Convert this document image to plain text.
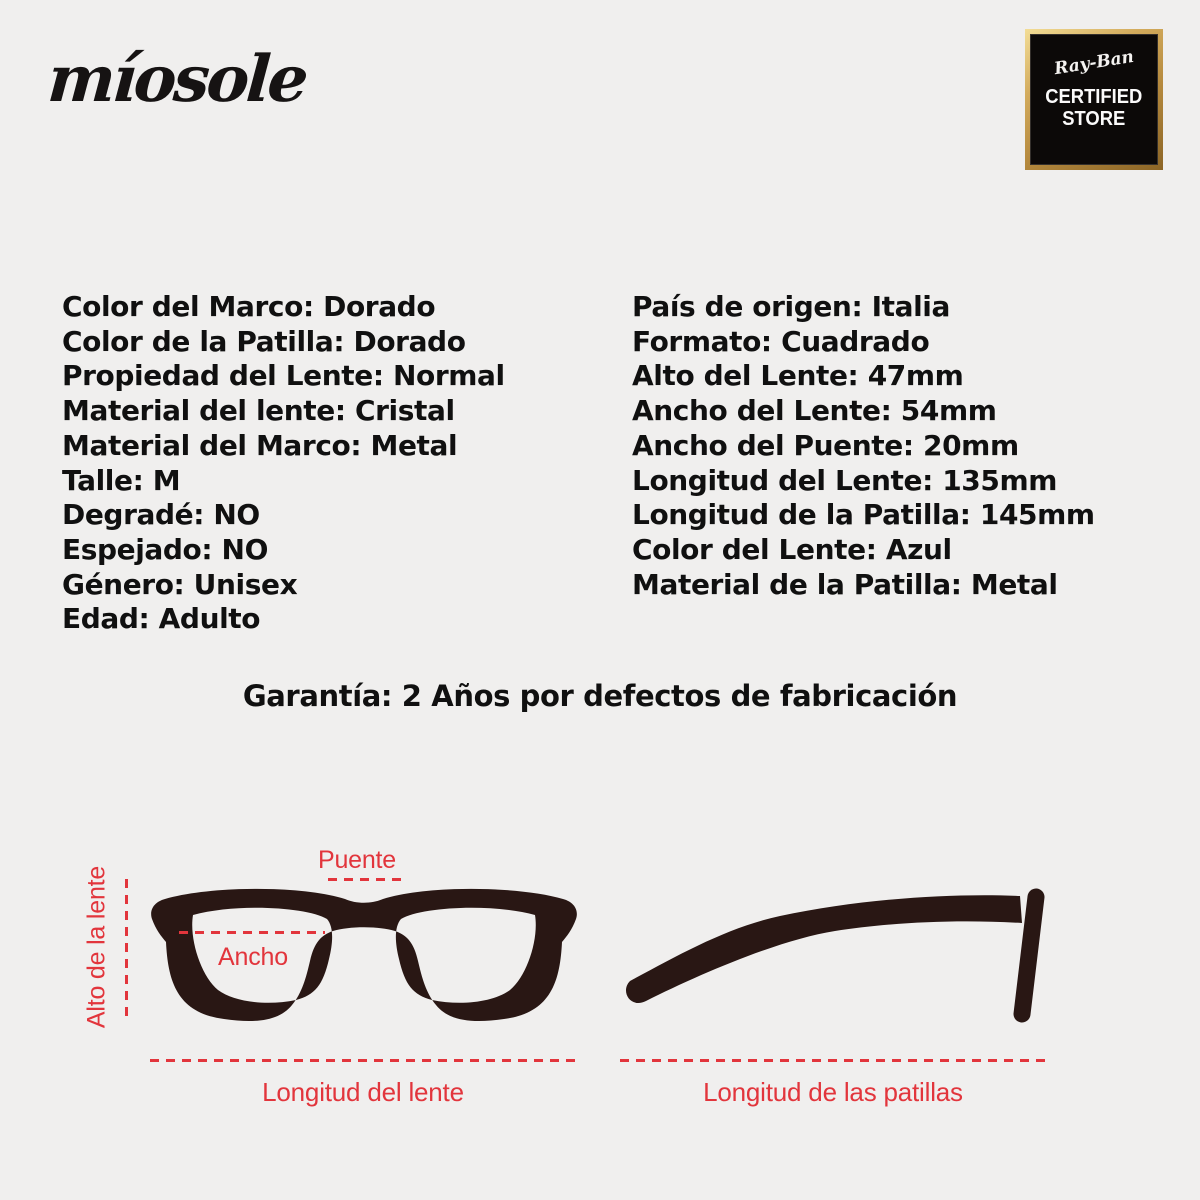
míosole	Ray-Ban
CERTIFIED
STORE
Color del Marco: Dorado
Color de la Patilla: Dorado
Propiedad del Lente: Normal
Material del lente: Cristal
Material del Marco: Metal
Talle: M
Degradé: NO
Espejado: NO
Género: Unisex
Edad: Adulto
País de origen: Italia
Formato: Cuadrado
Alto del Lente: 47mm
Ancho del Lente: 54mm
Ancho del Puente: 20mm
Longitud del Lente: 135mm
Longitud de la Patilla: 145mm
Color del Lente: Azul
Material de la Patilla: Metal
Garantía: 2 Años por defectos de fabricación
Puente
Ancho
Alto de la lente
Longitud del lente	Longitud de las patillas
